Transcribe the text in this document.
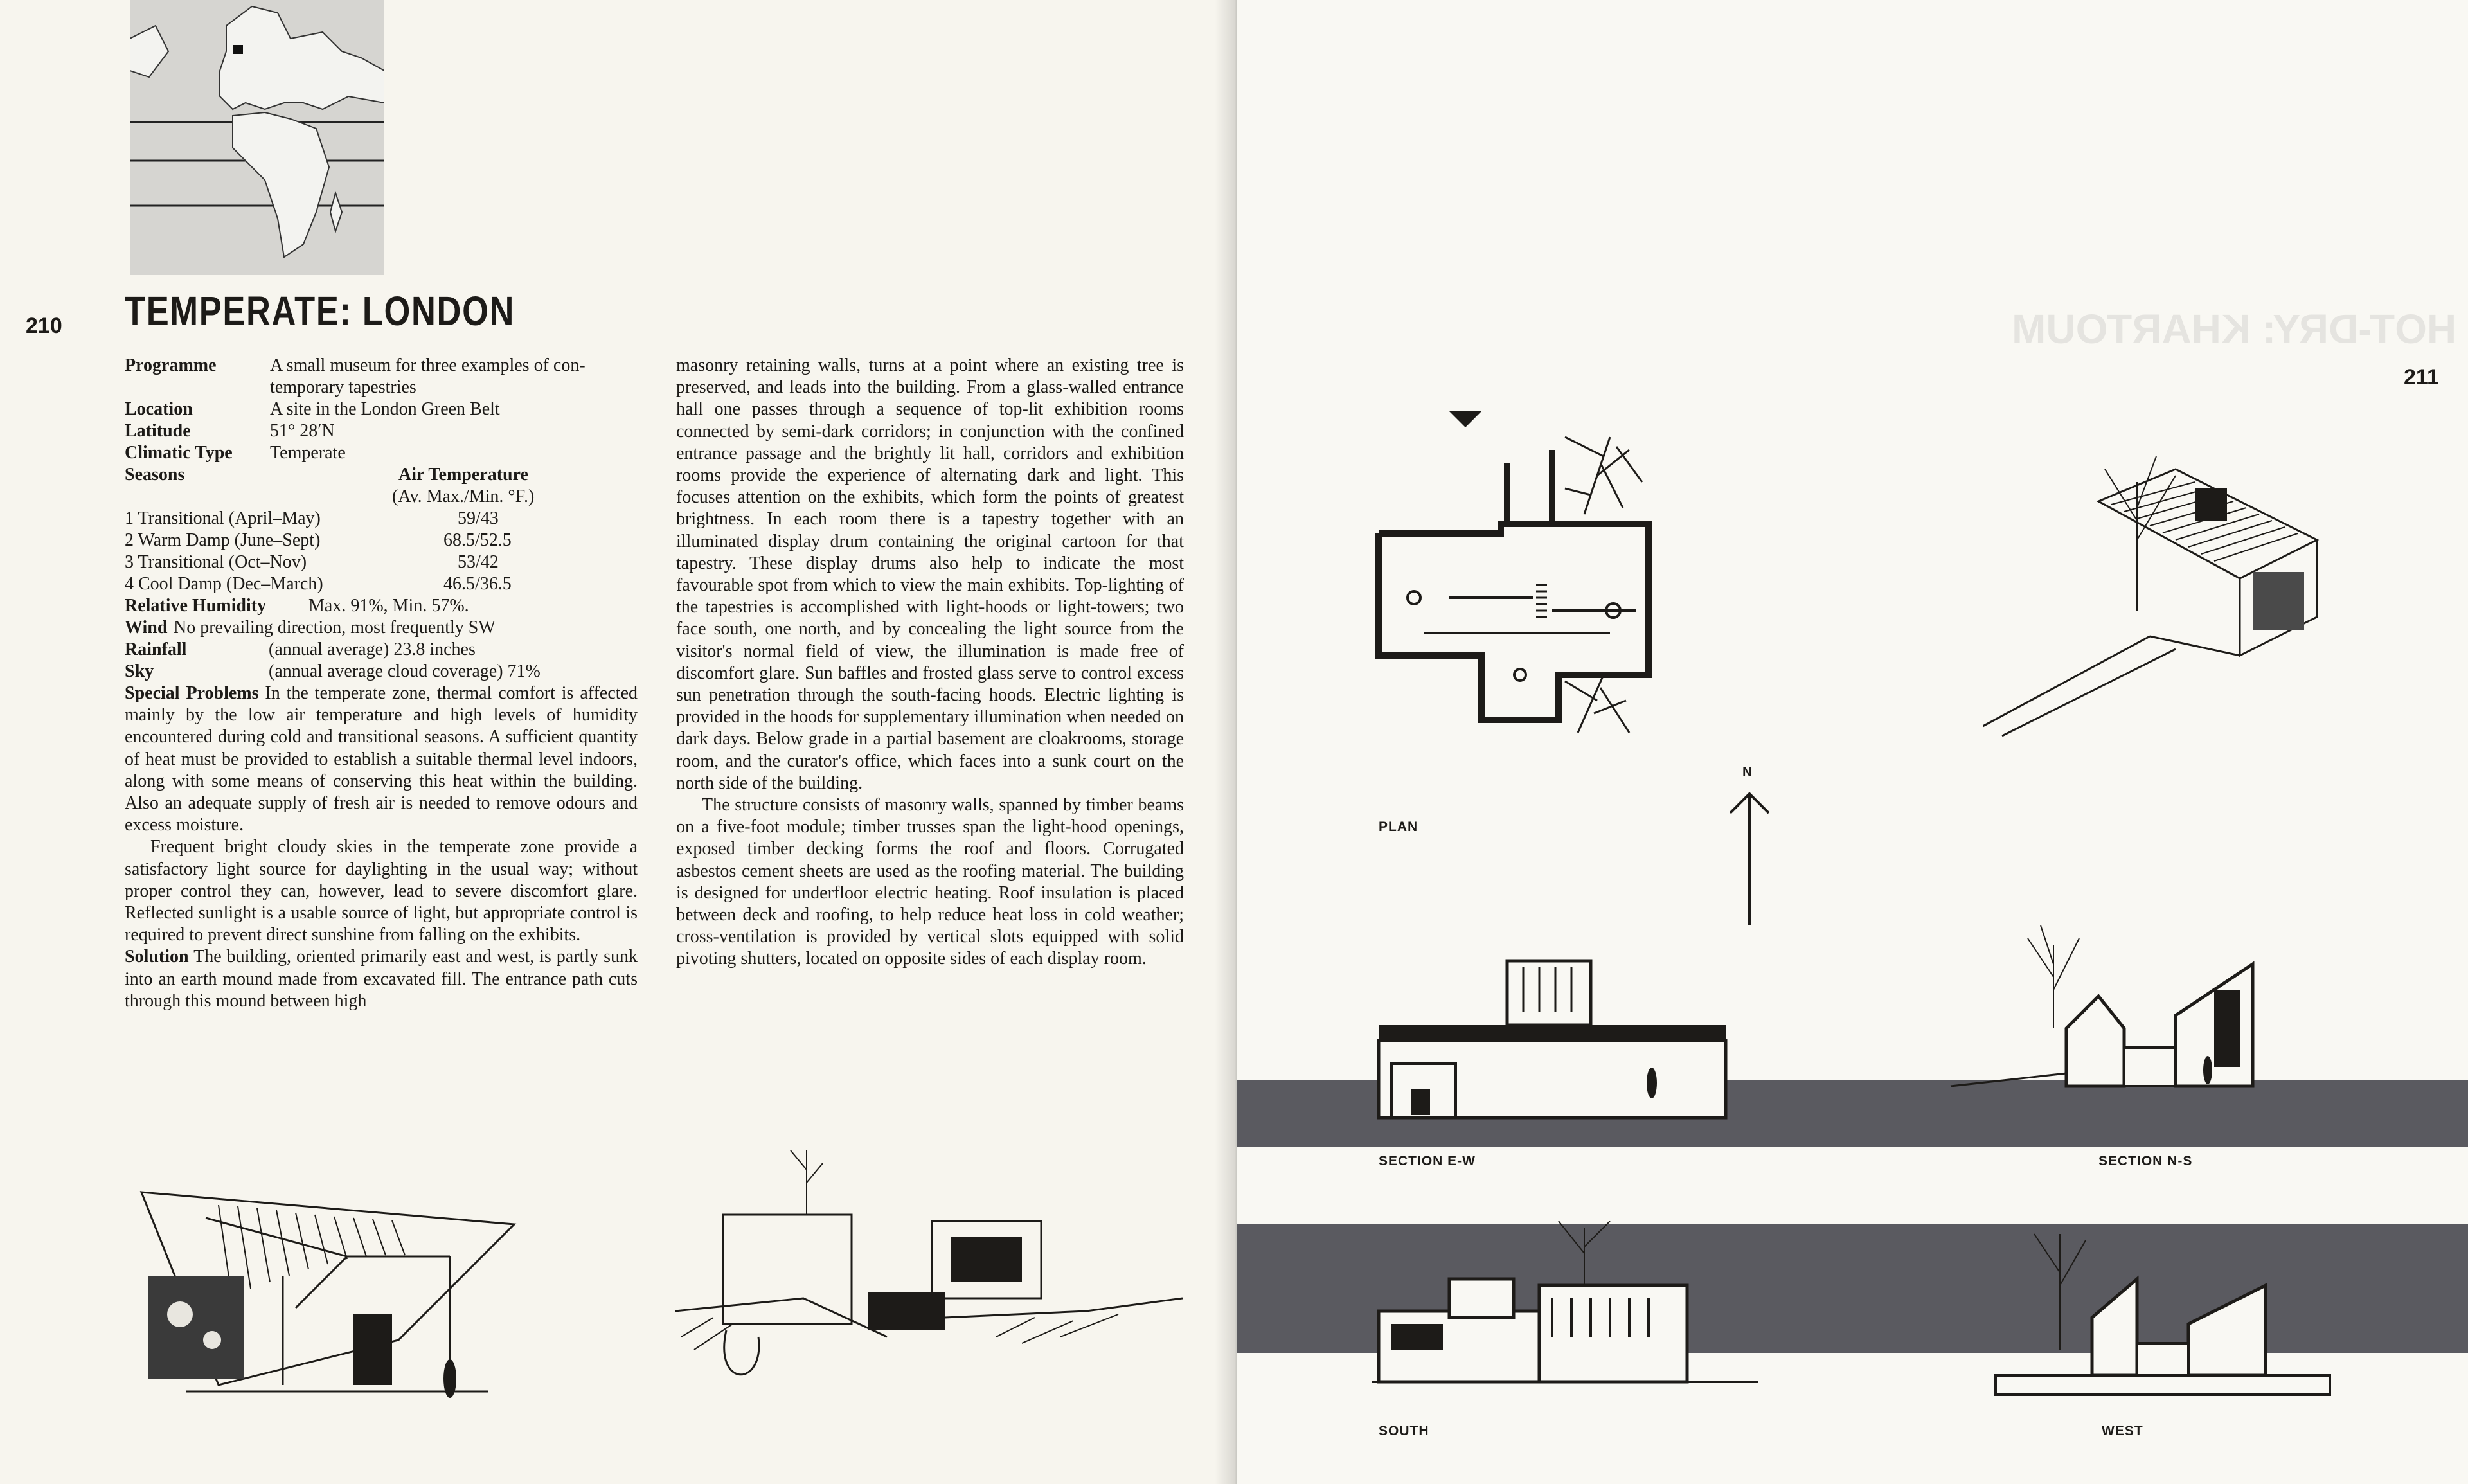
210 TEMPERATE: LONDON
Programme	A small museum for three examples of con-
temporary tapestries
Location	A site in the London Green Belt
Latitude	51° 28′N
Climatic Type Temperate
Seasons	Air Temperature
(Av. Max./Min. °F.)
1 Transitional (April–May)	59/43
2 Warm Damp (June–Sept)	68.5/52.5
3 Transitional (Oct–Nov)	53/42
4 Cool Damp (Dec–March)	46.5/36.5
Relative Humidity Max. 91%, Min. 57%.
Wind No prevailing direction, most frequently SW
Rainfall	(annual average) 23.8 inches
Sky	(annual average cloud coverage) 71%

Special Problems In the temperate zone, thermal comfort is affected mainly by the low air temperature and high levels of humidity encountered during cold and transitional seasons. A sufficient quantity of heat must be provided to establish a suitable thermal level indoors, along with some means of conserving this heat within the building. Also an adequate supply of fresh air is needed to remove odours and excess moisture.

Frequent bright cloudy skies in the temperate zone provide a satisfactory light source for daylighting in the usual way; without proper control they can, however, lead to severe discomfort glare. Reflected sunlight is a usable source of light, but appropriate control is required to prevent direct sunshine from falling on the exhibits.

Solution The building, oriented primarily east and west, is partly sunk into an earth mound made from excavated fill. The entrance path cuts through this mound between high

masonry retaining walls, turns at a point where an existing tree is preserved, and leads into the building. From a glass-walled entrance hall one passes through a sequence of top-lit exhibition rooms connected by semi-dark corridors; in conjunction with the confined entrance passage and the brightly lit hall, corridors and exhibition rooms provide the experience of alternating dark and light. This focuses attention on the exhibits, which form the points of greatest brightness. In each room there is a tapestry together with an illuminated display drum containing the original cartoon for that tapestry. These display drums also help to indicate the most favourable spot from which to view the main exhibits. Top-lighting of the tapestries is accomplished with light-hoods or light-towers; two face south, one north, and by concealing the light source from the visitor's normal field of view, the illumination is made free of discomfort glare. Sun baffles and frosted glass serve to control excess sun penetration through the south-facing hoods. Electric lighting is provided in the hoods for supplementary illumination when needed on dark days. Below grade in a partial basement are cloakrooms, storage room, and the curator's office, which faces into a sunk court on the north side of the building.

The structure consists of masonry walls, spanned by timber beams on a five-foot module; timber trusses span the light-hood openings, exposed timber decking forms the roof and floors. Corrugated asbestos cement sheets are used as the roofing material. The building is designed for underfloor electric heating. Roof insulation is placed between deck and roofing, to help reduce heat loss in cold weather; cross-ventilation is provided by vertical slots equipped with solid pivoting shutters, located on opposite sides of each display room.

211
HOT-DRY: KHARTOUM
PLAN
N
SECTION E-W	SECTION N-S
SOUTH	WEST
